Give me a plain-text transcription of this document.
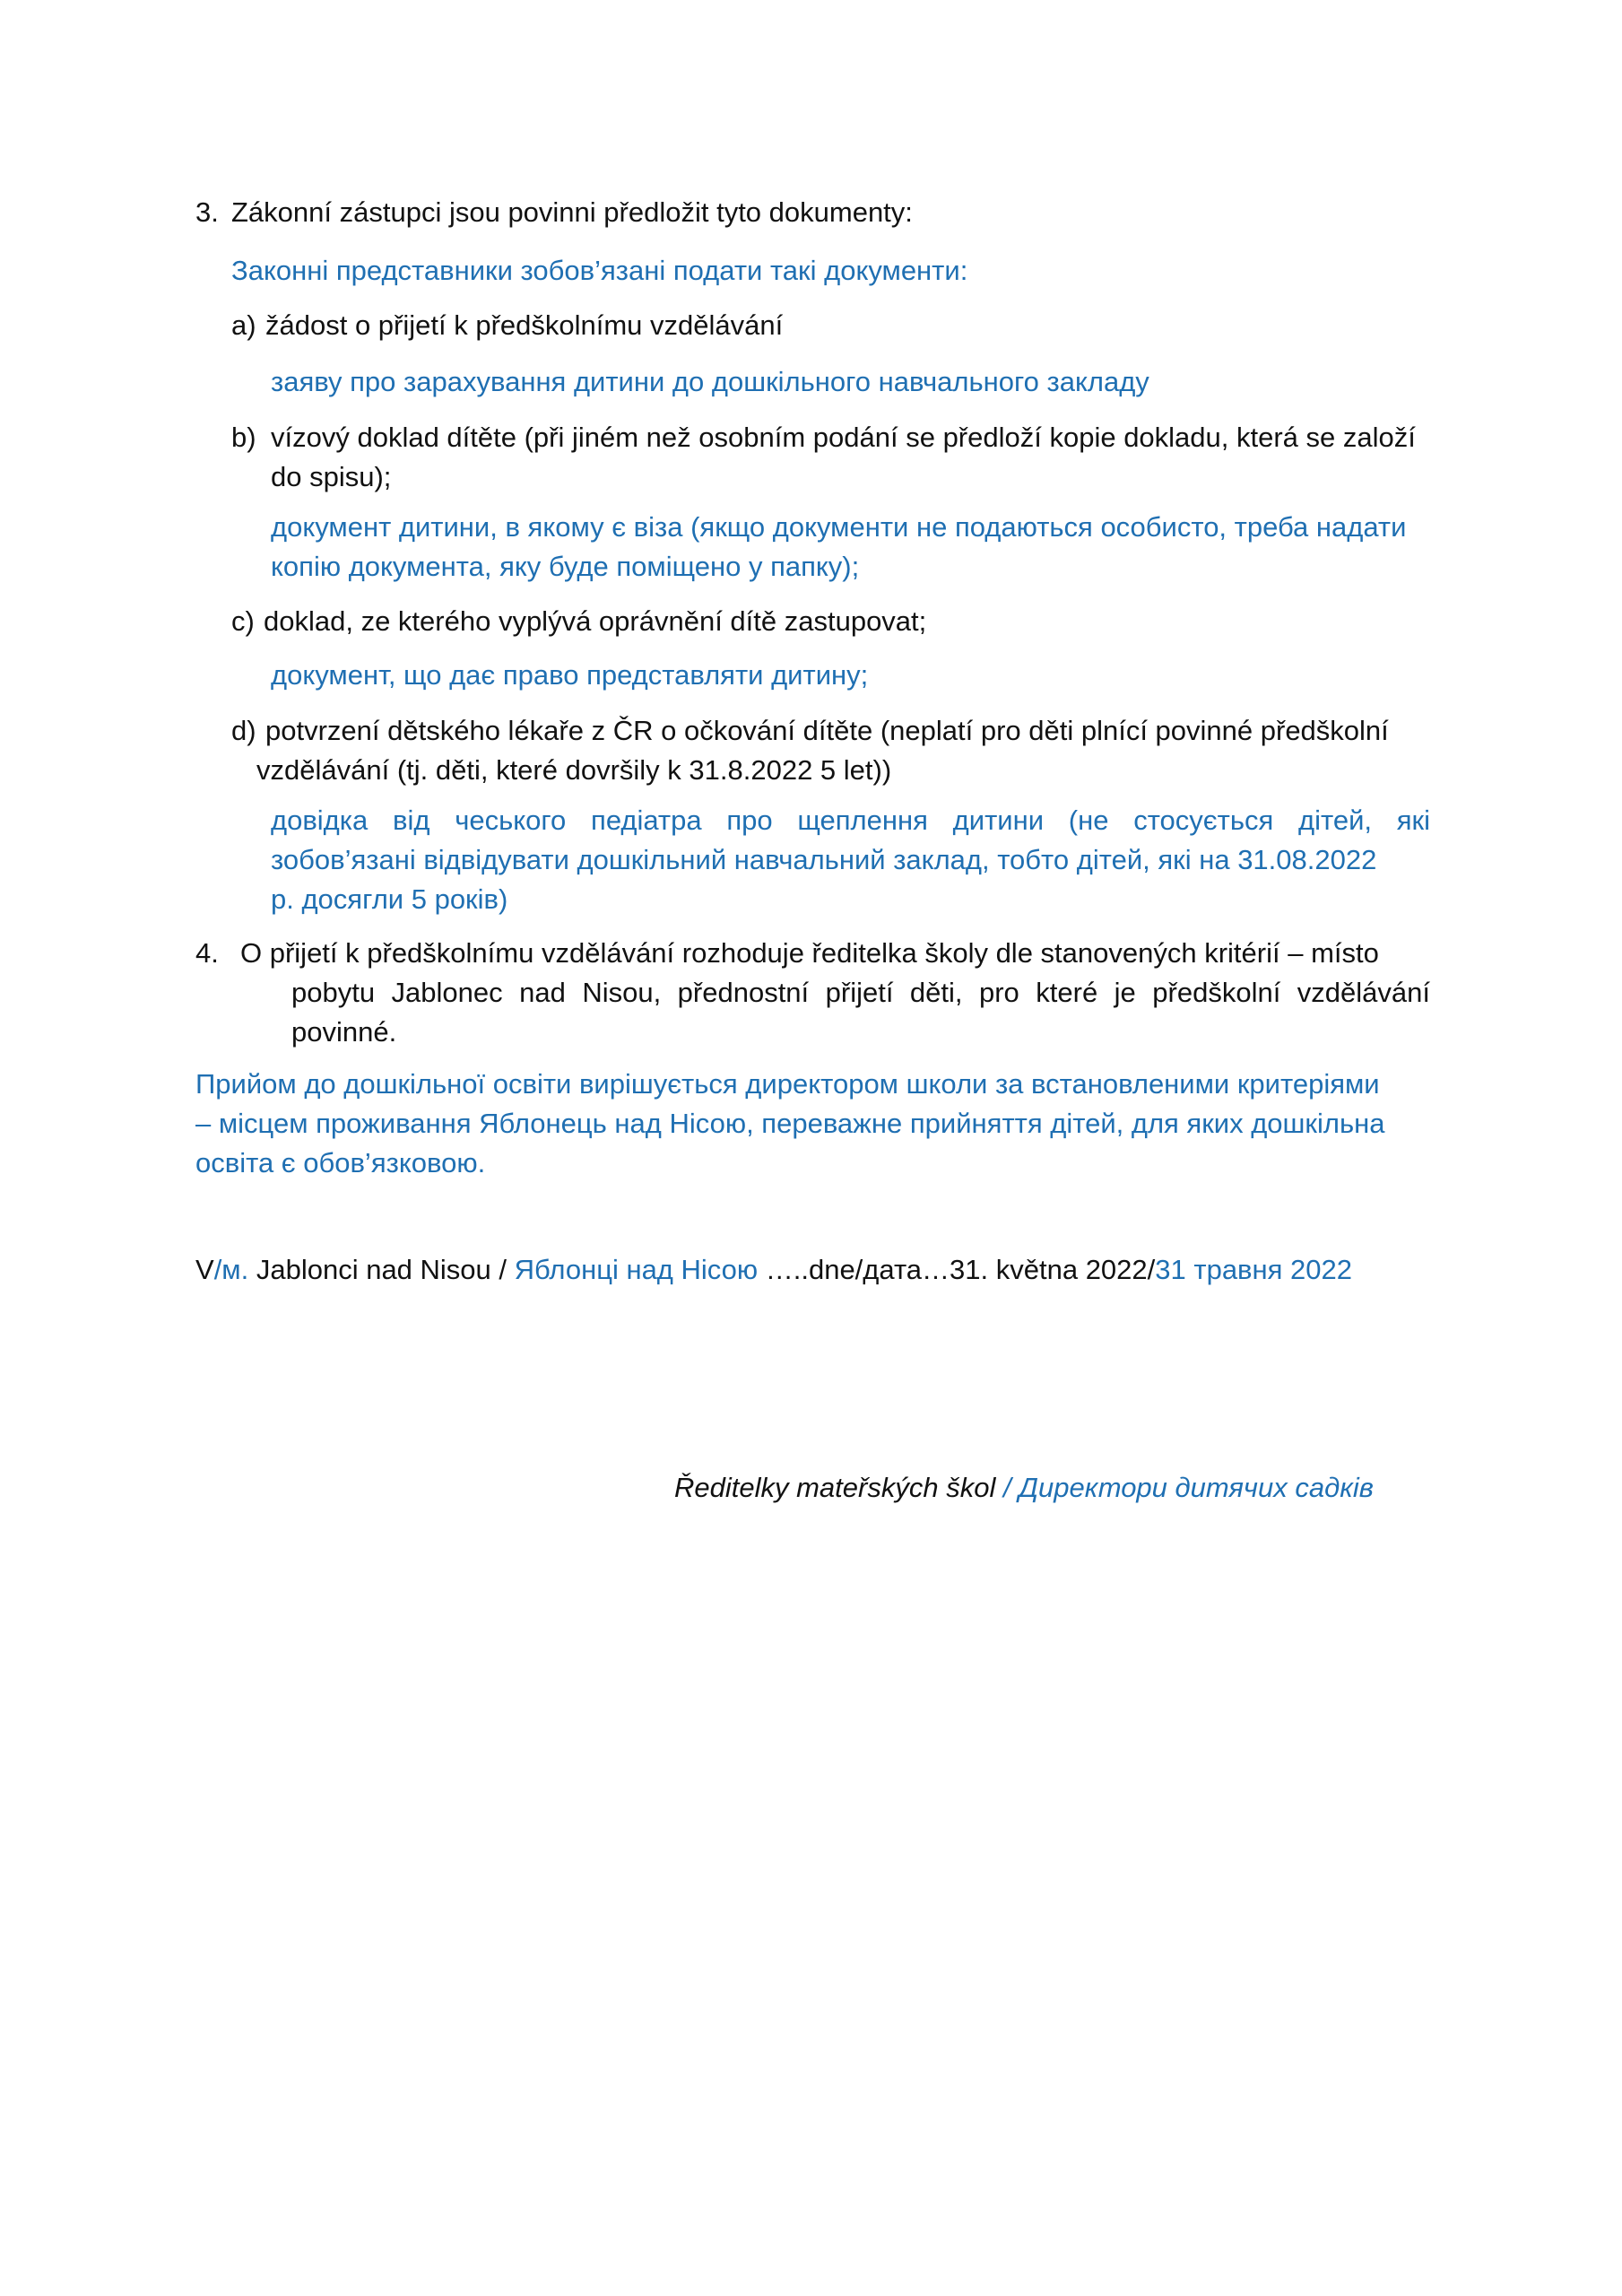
3. Zákonní zástupci jsou povinni předložit tyto dokumenty:
Законні представники зобов’язані подати такі документи:
a) žádost o přijetí k předškolnímu vzdělávání
заяву про зарахування дитини до дошкільного навчального закладу
b) vízový doklad dítěte (při jiném než osobním podání se předloží kopie dokladu, která se založí
do spisu);
документ дитини, в якому є віза (якщо документи не подаються особисто, треба надати
копію документа, яку буде поміщено у папку);
c) doklad, ze kterého vyplývá oprávnění dítě zastupovat;
документ, що дає право представляти дитину;
d) potvrzení dětského lékaře z ČR o očkování dítěte (neplatí pro děti plnící povinné předškolní
vzdělávání (tj. děti, které dovršily k 31.8.2022 5 let))
довідка від чеського педіатра про щеплення дитини (не стосується дітей, які
зобов’язані відвідувати дошкільний навчальний заклад, тобто дітей, які на 31.08.2022
р. досягли 5 років)
4. O přijetí k předškolnímu vzdělávání rozhoduje ředitelka školy dle stanovených kritérií – místo
pobytu Jablonec nad Nisou, přednostní přijetí děti, pro které je předškolní vzdělávání
povinné.
Прийом до дошкільної освіти вирішується директором школи за встановленими критеріями
– місцем проживання Яблонець над Нісою, переважне прийняття дітей, для яких дошкільна
освіта є обов’язковою.
V/м. Jablonci nad Nisou / Яблонці над Нісою …..dne/дата…31. května 2022/31 травня 2022
Ředitelky mateřských škol / Директори дитячих садків
